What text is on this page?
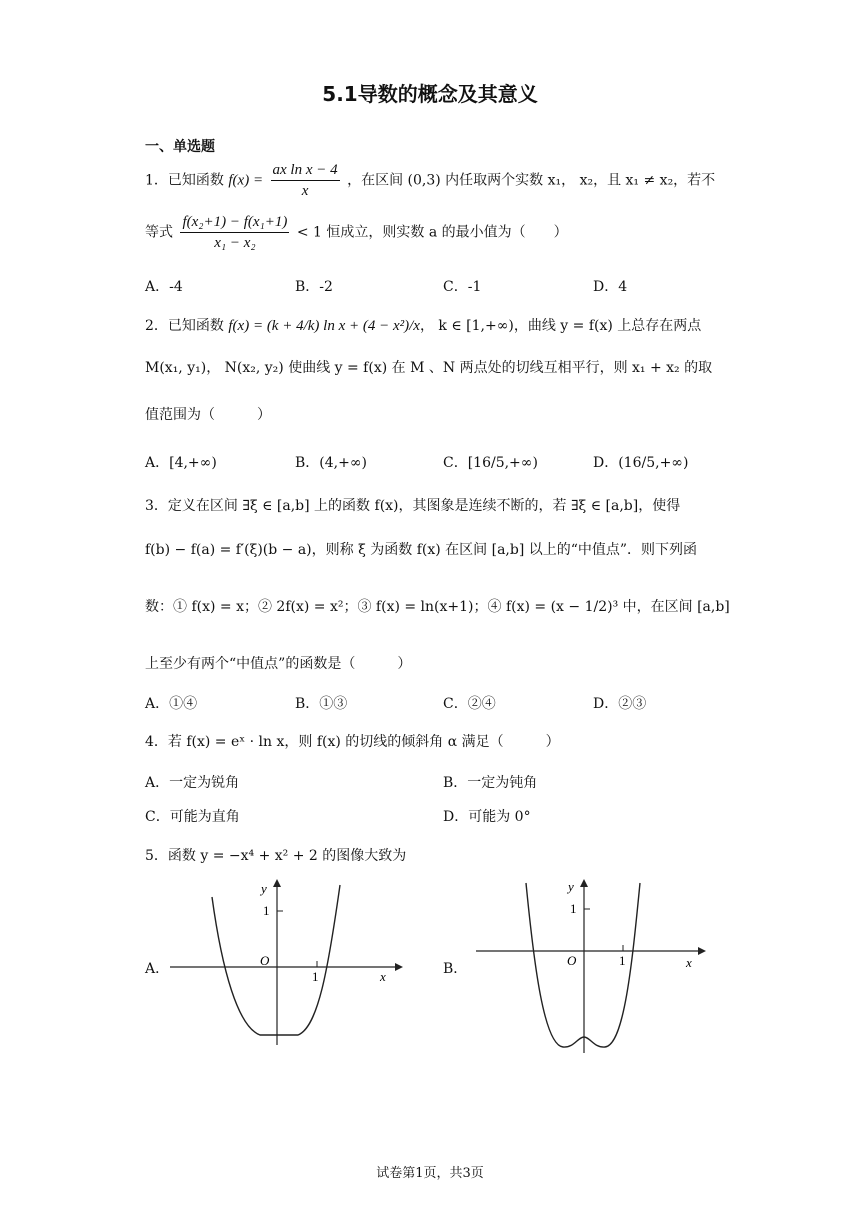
5.1导数的概念及其意义
一、单选题
1．已知函数 $f(x) = \frac{\text{ax ln x − 4}}{x}$ ，在区间 (0,3) 内任取两个实数 x₁， x₂，且 x₁ ≠ x₂，若不
等式 $\frac{\text{f(x₂+1) − f(x₁+1)}}{\text{x₁ − x₂}} < 1$ 恒成立，则实数 a 的最小值为（　　）
A．-4	B．-2	C．-1	D．4
2．已知函数 f(x) = (k + 4/k) ln x + (4 − x²)/x， k ∈ [1,+∞)，曲线 y = f(x) 上总存在两点
M(x₁, y₁)， N(x₂, y₂) 使曲线 y = f(x) 在 M 、N 两点处的切线互相平行，则 x₁ + x₂ 的取
值范围为（　　　）
A．[4,+∞)	B．(4,+∞)	C．[16/5,+∞)	D．(16/5,+∞)
3．定义在区间 ∃ξ ∈ [a,b] 上的函数 f(x)，其图象是连续不断的，若 ∃ξ ∈ [a,b]，使得
f(b) − f(a) = f′(ξ)(b − a)，则称 ξ 为函数 f(x) 在区间 [a,b] 以上的“中值点”．则下列函
数：① f(x) = x；② 2f(x) = x²；③ f(x) = ln(x+1)；④ f(x) = (x − 1/2)³ 中，在区间 [a,b]
上至少有两个“中值点”的函数是（　　　）
A．①④	B．①③	C．②④	D．②③
4．若 f(x) = eˣ · ln x，则 f(x) 的切线的倾斜角 α 满足（　　　）
A．一定为锐角	B．一定为钝角
C．可能为直角	D．可能为 0°
5．函数 y = −x⁴ + x² + 2 的图像大致为
A．	B．
y
1
O
1	x
y
1
O	1	x
试卷第1页，共3页
